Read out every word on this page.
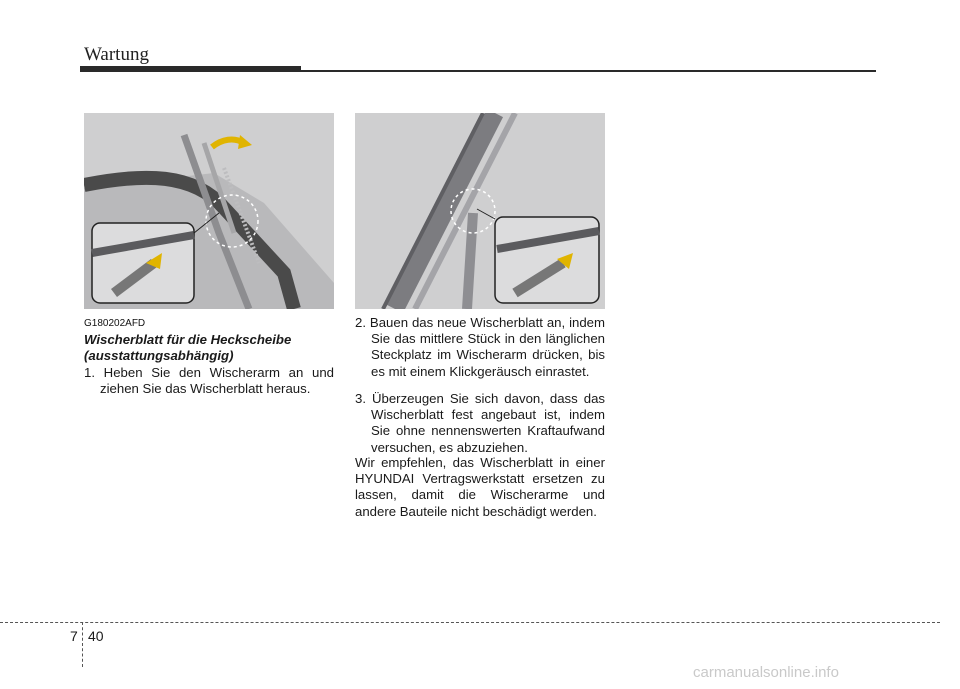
Wartung
G180202AFD
Wischerblatt für die Heckscheibe
(ausstattungsabhängig)
1. Heben Sie den Wischerarm an und ziehen Sie das Wischerblatt heraus.
2. Bauen das neue Wischerblatt an, indem Sie das mittlere Stück in den länglichen Steckplatz im Wischerarm drücken, bis es mit einem Klickgeräusch einrastet.
3. Überzeugen Sie sich davon, dass das Wischerblatt fest angebaut ist, indem Sie ohne nennenswerten Kraftaufwand versuchen, es abzuziehen.
Wir empfehlen, das Wischerblatt in einer HYUNDAI Vertragswerkstatt ersetzen zu lassen, damit die Wischerarme und andere Bauteile nicht beschädigt werden.
7 40
carmanualsonline.info
